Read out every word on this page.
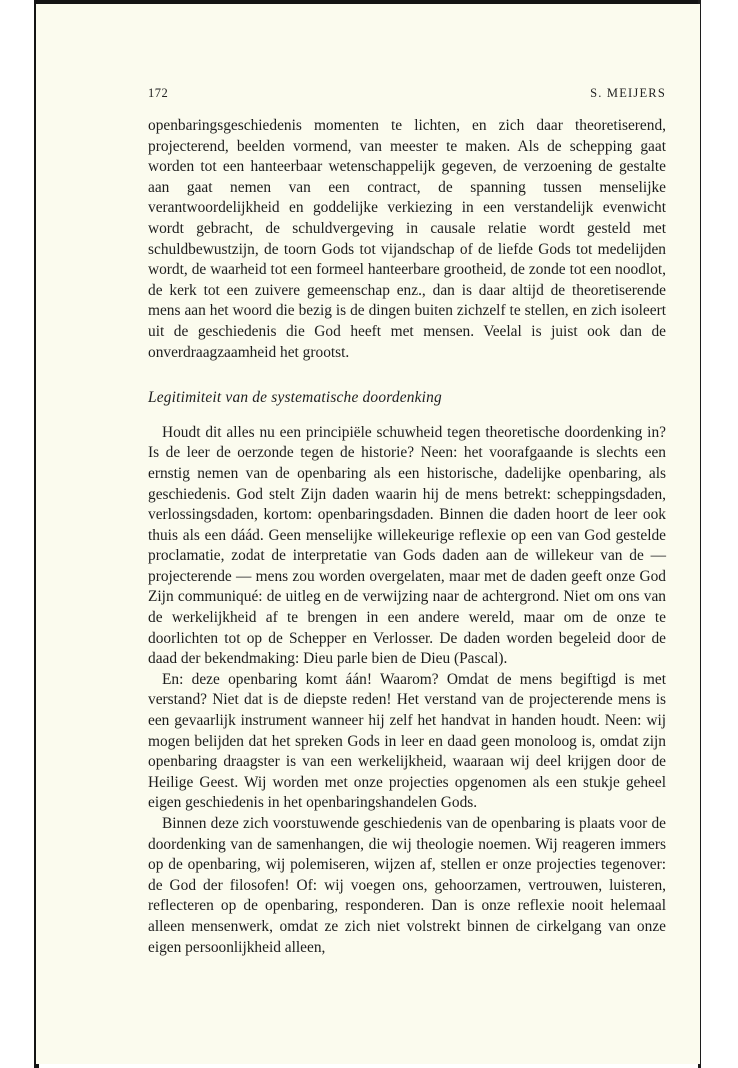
172	S. MEIJERS

openbaringsgeschiedenis momenten te lichten, en zich daar theoretiserend, projecterend, beelden vormend, van meester te maken. Als de schepping gaat worden tot een hanteerbaar wetenschappelijk gegeven, de verzoening de gestalte aan gaat nemen van een contract, de spanning tussen menselijke verantwoordelijkheid en goddelijke verkiezing in een verstandelijk evenwicht wordt gebracht, de schuldvergeving in causale relatie wordt gesteld met schuldbewustzijn, de toorn Gods tot vijandschap of de liefde Gods tot medelijden wordt, de waarheid tot een formeel hanteerbare grootheid, de zonde tot een noodlot, de kerk tot een zuivere gemeenschap enz., dan is daar altijd de theoretiserende mens aan het woord die bezig is de dingen buiten zichzelf te stellen, en zich isoleert uit de geschiedenis die God heeft met mensen. Veelal is juist ook dan de onverdraagzaamheid het grootst.

Legitimiteit van de systematische doordenking

Houdt dit alles nu een principiële schuwheid tegen theoretische doordenking in? Is de leer de oerzonde tegen de historie? Neen: het voorafgaande is slechts een ernstig nemen van de openbaring als een historische, dadelijke openbaring, als geschiedenis. God stelt Zijn daden waarin hij de mens betrekt: scheppingsdaden, verlossingsdaden, kortom: openbaringsdaden. Binnen die daden hoort de leer ook thuis als een dáád. Geen menselijke willekeurige reflexie op een van God gestelde proclamatie, zodat de interpretatie van Gods daden aan de willekeur van de — projecterende — mens zou worden overgelaten, maar met de daden geeft onze God Zijn communiqué: de uitleg en de verwijzing naar de achtergrond. Niet om ons van de werkelijkheid af te brengen in een andere wereld, maar om de onze te doorlichten tot op de Schepper en Verlosser. De daden worden begeleid door de daad der bekendmaking: Dieu parle bien de Dieu (Pascal).

En: deze openbaring komt áán! Waarom? Omdat de mens begiftigd is met verstand? Niet dat is de diepste reden! Het verstand van de projecterende mens is een gevaarlijk instrument wanneer hij zelf het handvat in handen houdt. Neen: wij mogen belijden dat het spreken Gods in leer en daad geen monoloog is, omdat zijn openbaring draagster is van een werkelijkheid, waaraan wij deel krijgen door de Heilige Geest. Wij worden met onze projecties opgenomen als een stukje geheel eigen geschiedenis in het openbaringshandelen Gods.

Binnen deze zich voorstuwende geschiedenis van de openbaring is plaats voor de doordenking van de samenhangen, die wij theologie noemen. Wij reageren immers op de openbaring, wij polemiseren, wijzen af, stellen er onze projecties tegenover: de God der filosofen! Of: wij voegen ons, gehoorzamen, vertrouwen, luisteren, reflecteren op de openbaring, responderen. Dan is onze reflexie nooit helemaal alleen mensenwerk, omdat ze zich niet volstrekt binnen de cirkelgang van onze eigen persoonlijkheid alleen,
